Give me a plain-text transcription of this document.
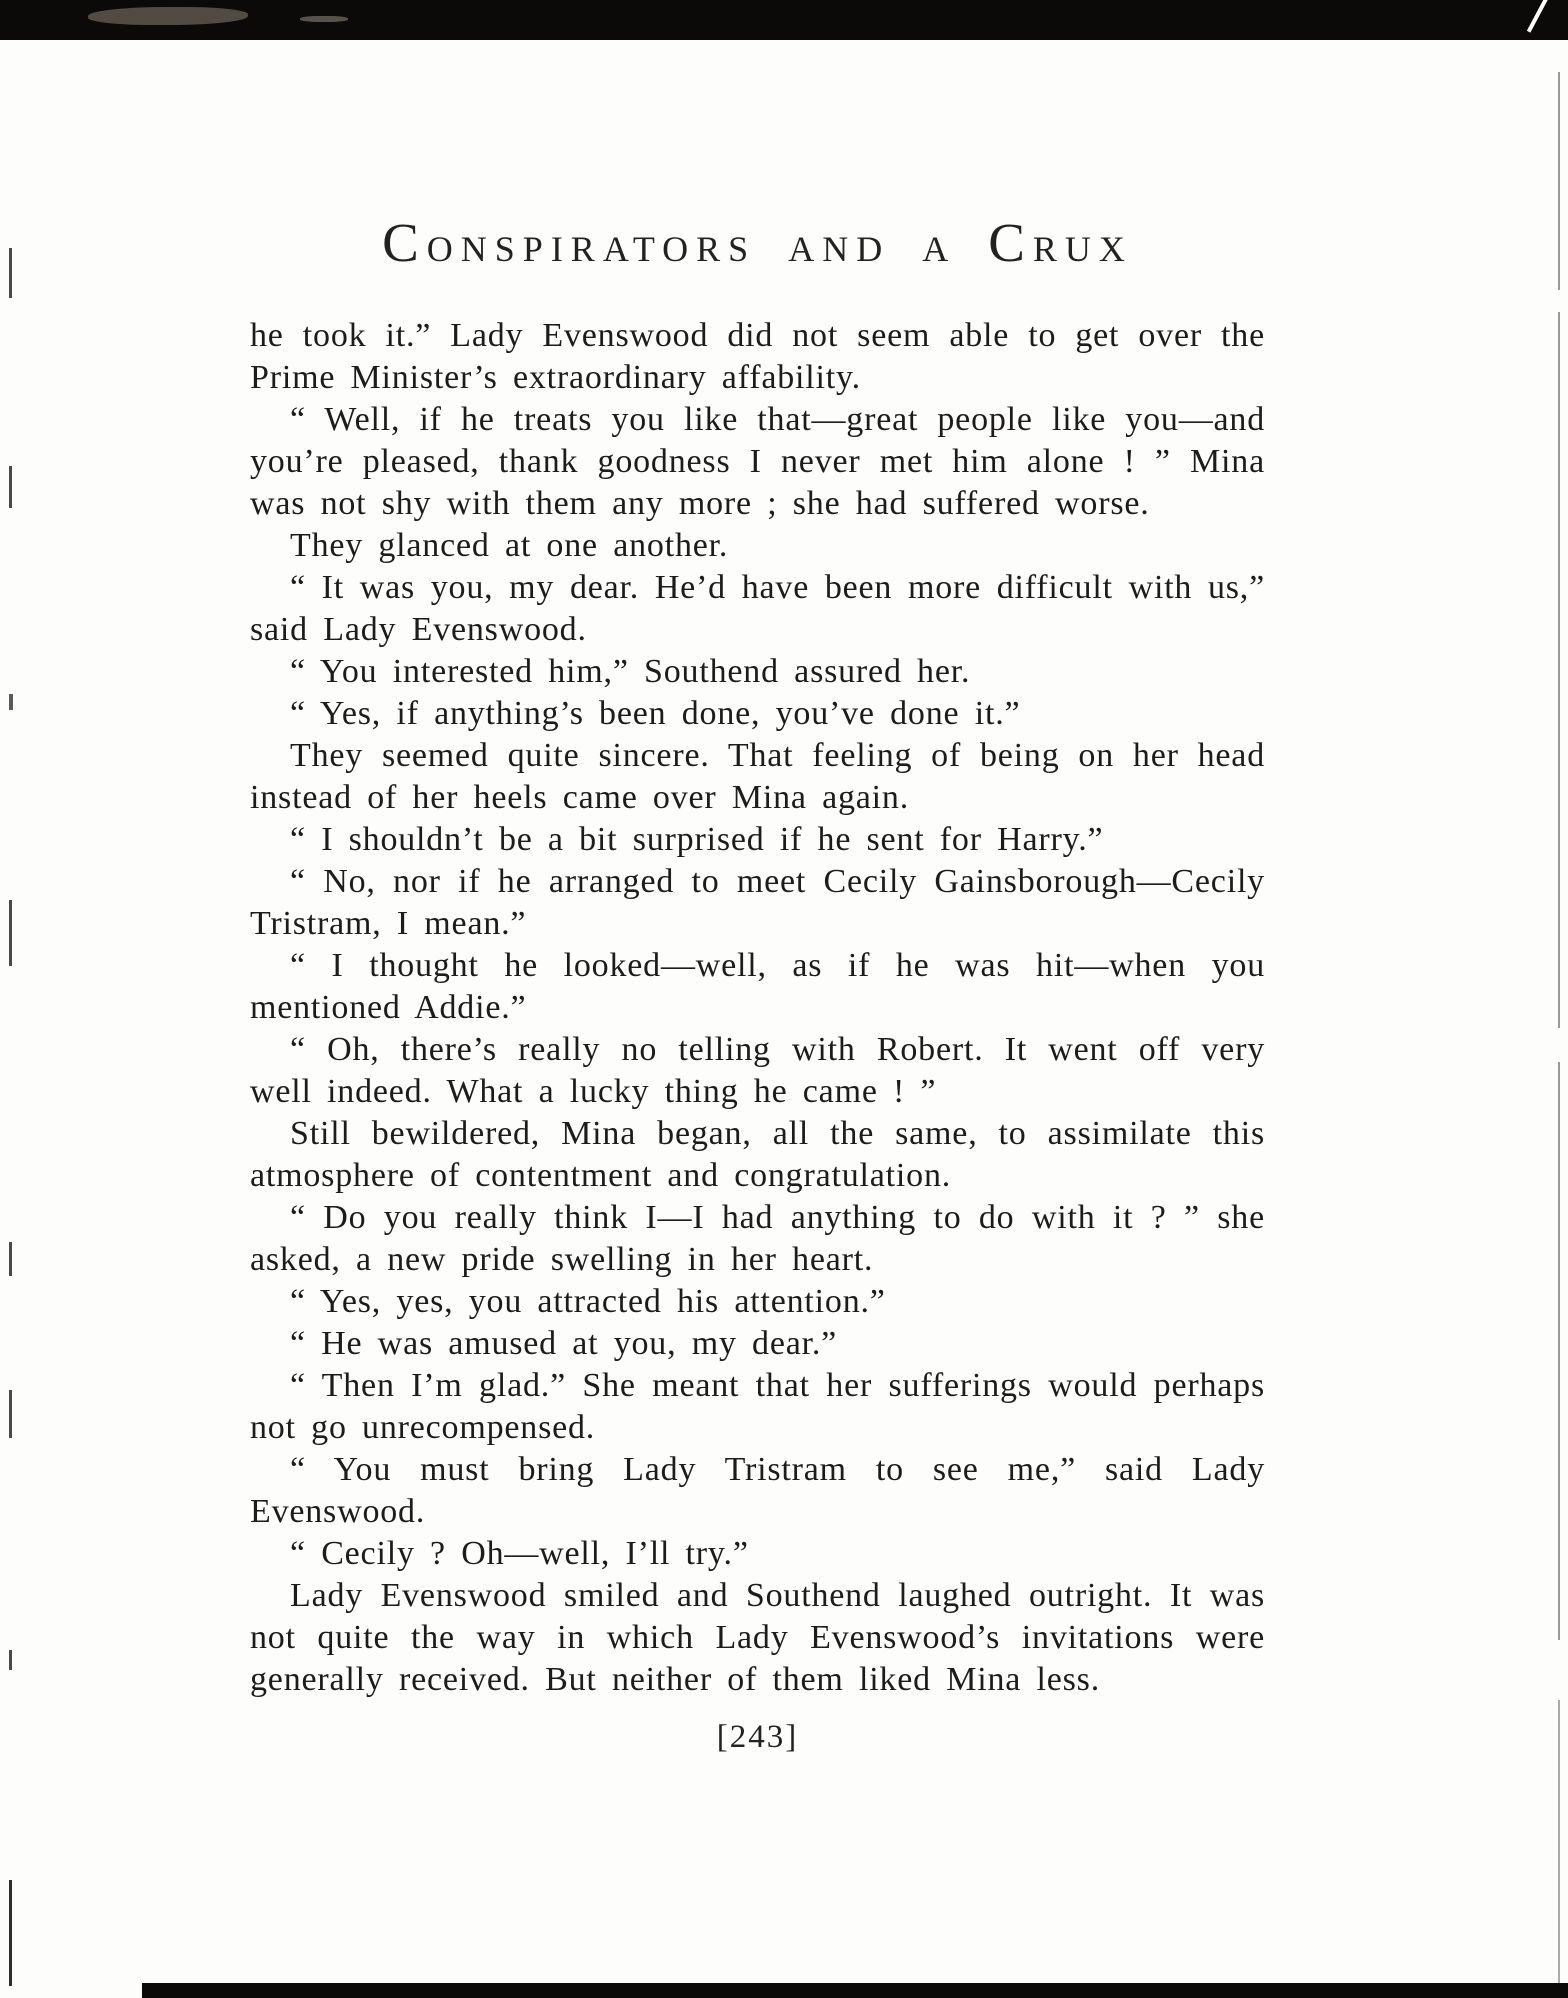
CONSPIRATORS AND A CRUX

he took it.” Lady Evenswood did not seem able to get over the Prime Minister’s extraordinary affability.

“ Well, if he treats you like that—great people like you—and you’re pleased, thank goodness I never met him alone ! ” Mina was not shy with them any more ; she had suffered worse.

They glanced at one another.

“ It was you, my dear. He’d have been more difficult with us,” said Lady Evenswood.

“ You interested him,” Southend assured her.

“ Yes, if anything’s been done, you’ve done it.”

They seemed quite sincere. That feeling of being on her head instead of her heels came over Mina again.

“ I shouldn’t be a bit surprised if he sent for Harry.”

“ No, nor if he arranged to meet Cecily Gainsborough—Cecily Tristram, I mean.”

“ I thought he looked—well, as if he was hit—when you mentioned Addie.”

“ Oh, there’s really no telling with Robert. It went off very well indeed. What a lucky thing he came ! ”

Still bewildered, Mina began, all the same, to assimilate this atmosphere of contentment and congratulation.

“ Do you really think I—I had anything to do with it ? ” she asked, a new pride swelling in her heart.

“ Yes, yes, you attracted his attention.”

“ He was amused at you, my dear.”

“ Then I’m glad.” She meant that her sufferings would perhaps not go unrecompensed.

“ You must bring Lady Tristram to see me,” said Lady Evenswood.

“ Cecily ? Oh—well, I’ll try.”

Lady Evenswood smiled and Southend laughed outright. It was not quite the way in which Lady Evenswood’s invitations were generally received. But neither of them liked Mina less.

[243]
